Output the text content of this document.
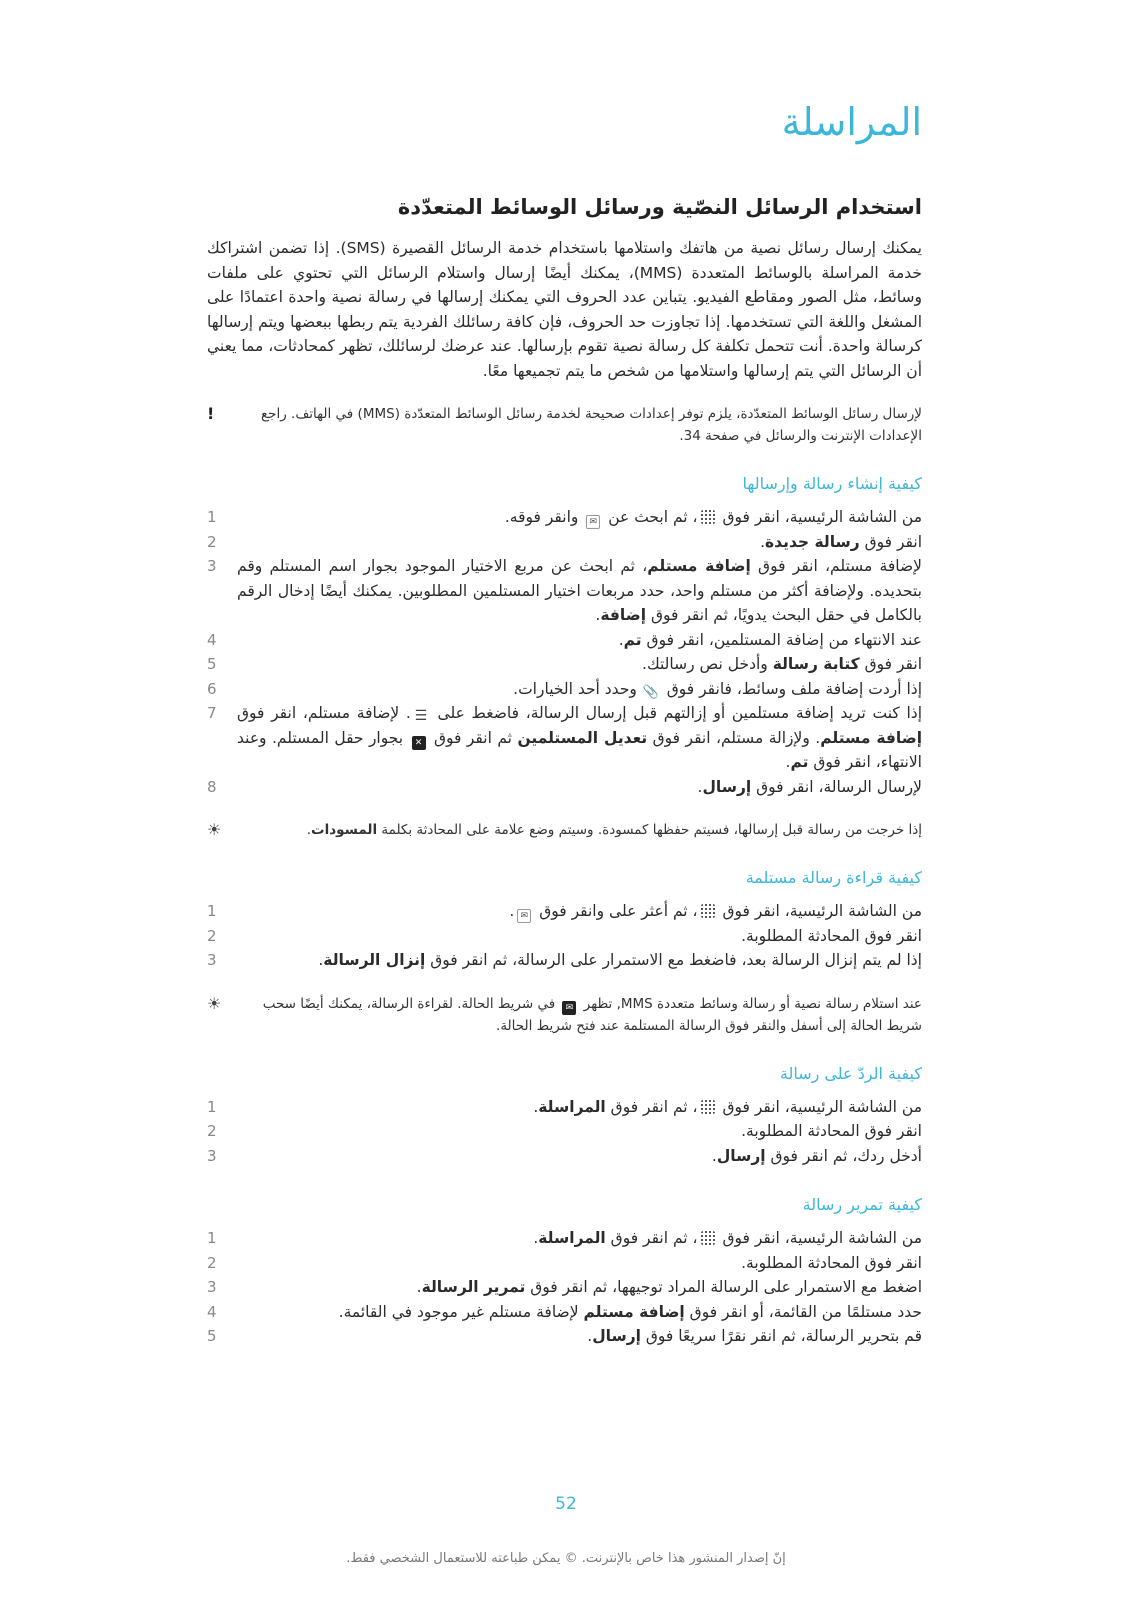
المراسلة
استخدام الرسائل النصّية ورسائل الوسائط المتعدّدة

يمكنك إرسال رسائل نصية من هاتفك واستلامها باستخدام خدمة الرسائل القصيرة (SMS). إذا تضمن اشتراكك خدمة المراسلة بالوسائط المتعددة (MMS)، يمكنك أيضًا إرسال واستلام الرسائل التي تحتوي على ملفات وسائط، مثل الصور ومقاطع الفيديو. يتباين عدد الحروف التي يمكنك إرسالها في رسالة نصية واحدة اعتمادًا على المشغل واللغة التي تستخدمها. إذا تجاوزت حد الحروف، فإن كافة رسائلك الفردية يتم ربطها ببعضها ويتم إرسالها كرسالة واحدة. أنت تتحمل تكلفة كل رسالة نصية تقوم بإرسالها. عند عرضك لرسائلك، تظهر كمحادثات، مما يعني أن الرسائل التي يتم إرسالها واستلامها من شخص ما يتم تجميعها معًا.

!	لإرسال رسائل الوسائط المتعدّدة، يلزم توفر إعدادات صحيحة لخدمة رسائل الوسائط المتعدّدة (MMS) في الهاتف. راجع الإعدادات الإنترنت والرسائل في صفحة 34.
كيفية إنشاء رسالة وإرسالها
1	من الشاشة الرئيسية، انقر فوق ، ثم ابحث عن ✉ وانقر فوقه.
2	انقر فوق رسالة جديدة.
3	لإضافة مستلم، انقر فوق إضافة مستلم، ثم ابحث عن مربع الاختيار الموجود بجوار اسم المستلم وقم بتحديده. ولإضافة أكثر من مستلم واحد، حدد مربعات اختيار المستلمين المطلوبين. يمكنك أيضًا إدخال الرقم بالكامل في حقل البحث يدويًا، ثم انقر فوق إضافة.
4	عند الانتهاء من إضافة المستلمين، انقر فوق تم.
5	انقر فوق كتابة رسالة وأدخل نص رسالتك.
6	إذا أردت إضافة ملف وسائط، فانقر فوق 📎 وحدد أحد الخيارات.
7	إذا كنت تريد إضافة مستلمين أو إزالتهم قبل إرسال الرسالة، فاضغط على ☰. لإضافة مستلم، انقر فوق إضافة مستلم. ولإزالة مستلم، انقر فوق تعديل المستلمين ثم انقر فوق ✕ بجوار حقل المستلم. وعند الانتهاء، انقر فوق تم.
8	لإرسال الرسالة، انقر فوق إرسال.
☀	إذا خرجت من رسالة قبل إرسالها، فسيتم حفظها كمسودة. وسيتم وضع علامة على المحادثة بكلمة المسودات.
كيفية قراءة رسالة مستلمة
1	من الشاشة الرئيسية، انقر فوق ، ثم أعثر على وانقر فوق ✉.
2	انقر فوق المحادثة المطلوبة.
3	إذا لم يتم إنزال الرسالة بعد، فاضغط مع الاستمرار على الرسالة، ثم انقر فوق إنزال الرسالة.
☀	عند استلام رسالة نصية أو رسالة وسائط متعددة MMS, تظهر ✉ في شريط الحالة. لقراءة الرسالة، يمكنك أيضًا سحب شريط الحالة إلى أسفل والنقر فوق الرسالة المستلمة عند فتح شريط الحالة.
كيفية الردّ على رسالة
1	من الشاشة الرئيسية، انقر فوق ، ثم انقر فوق المراسلة.
2	انقر فوق المحادثة المطلوبة.
3	أدخل ردك، ثم انقر فوق إرسال.
كيفية تمرير رسالة
1	من الشاشة الرئيسية، انقر فوق ، ثم انقر فوق المراسلة.
2	انقر فوق المحادثة المطلوبة.
3	اضغط مع الاستمرار على الرسالة المراد توجيهها، ثم انقر فوق تمرير الرسالة.
4	حدد مستلمًا من القائمة، أو انقر فوق إضافة مستلم لإضافة مستلم غير موجود في القائمة.
5	قم بتحرير الرسالة، ثم انقر نقرًا سريعًا فوق إرسال.
52
إنّ إصدار المنشور هذا خاص بالإنترنت. © يمكن طباعته للاستعمال الشخصي فقط.
